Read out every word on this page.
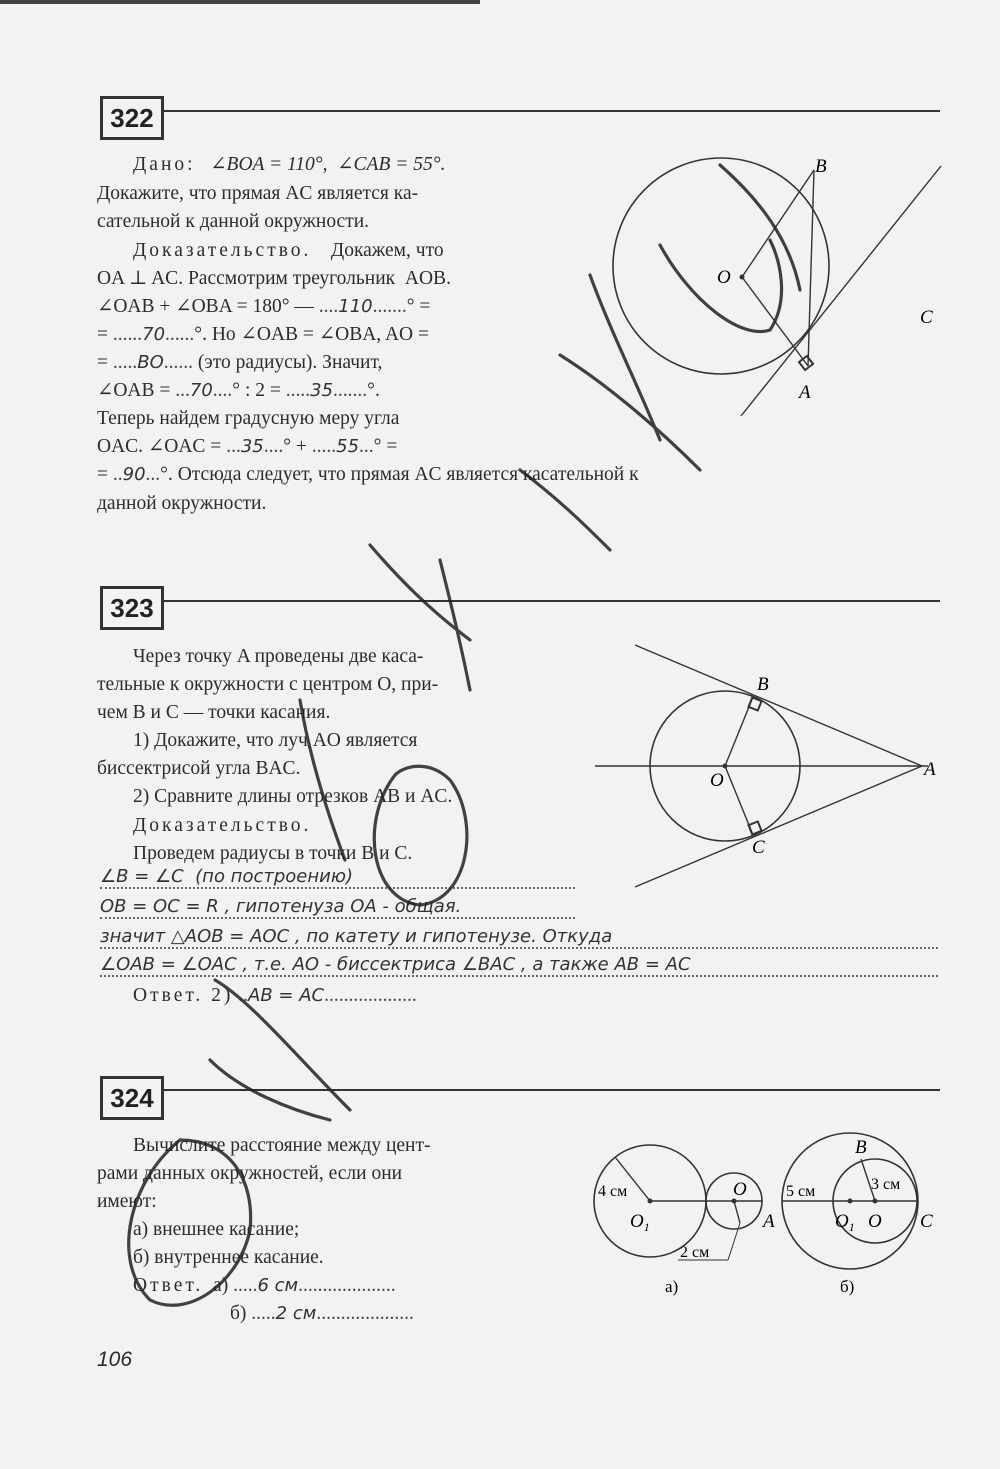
322
Дано: ∠BOA = 110°,  ∠CAB = 55°.
Докажите, что прямая AC является ка-
сательной к данной окружности.
Доказательство. Докажем, что
OA ⊥ AC. Рассмотрим треугольник  AOB.
∠OAB + ∠OBA = 180° — ....110.......° =
= ......70......°. Но ∠OAB = ∠OBA, AO =
= .....BO...... (это радиусы). Значит,
∠OAB = ...70....° : 2 = .....35.......°.
Теперь найдем градусную меру угла
OAC. ∠OAC = ...35....° + .....55...° =
= ..90...°. Отсюда следует, что прямая AC является касательной к
данной окружности.
B
O
C
A
323
Через точку A проведены две каса-
тельные к окружности с центром O, при-
чем B и C — точки касания.
1) Докажите, что луч AO является
биссектрисой угла BAC.
2) Сравните длины отрезков AB и AC.
Доказательство.
Проведем радиусы в точки B и C.
∠B = ∠C  (по построению)
OB = OC = R , гипотенуза OA - общая.
значит △AOB = AOC , по катету и гипотенузе. Откуда
∠OAB = ∠OAC , т.е. AO - биссектриса ∠BAC , а также AB = AC
Ответ. 2) ..AB = AC...................
B
O
A
C
324
Вычислите расстояние между цент-
рами данных окружностей, если они
имеют:
а) внешнее касание;
б) внутреннее касание.
Ответ. а) .....6 см....................
б) .....2 см....................
4 см
$O_1$
O
A
2 см
а)
B
5 см	3 см
$O_1$ O C
б)
106
